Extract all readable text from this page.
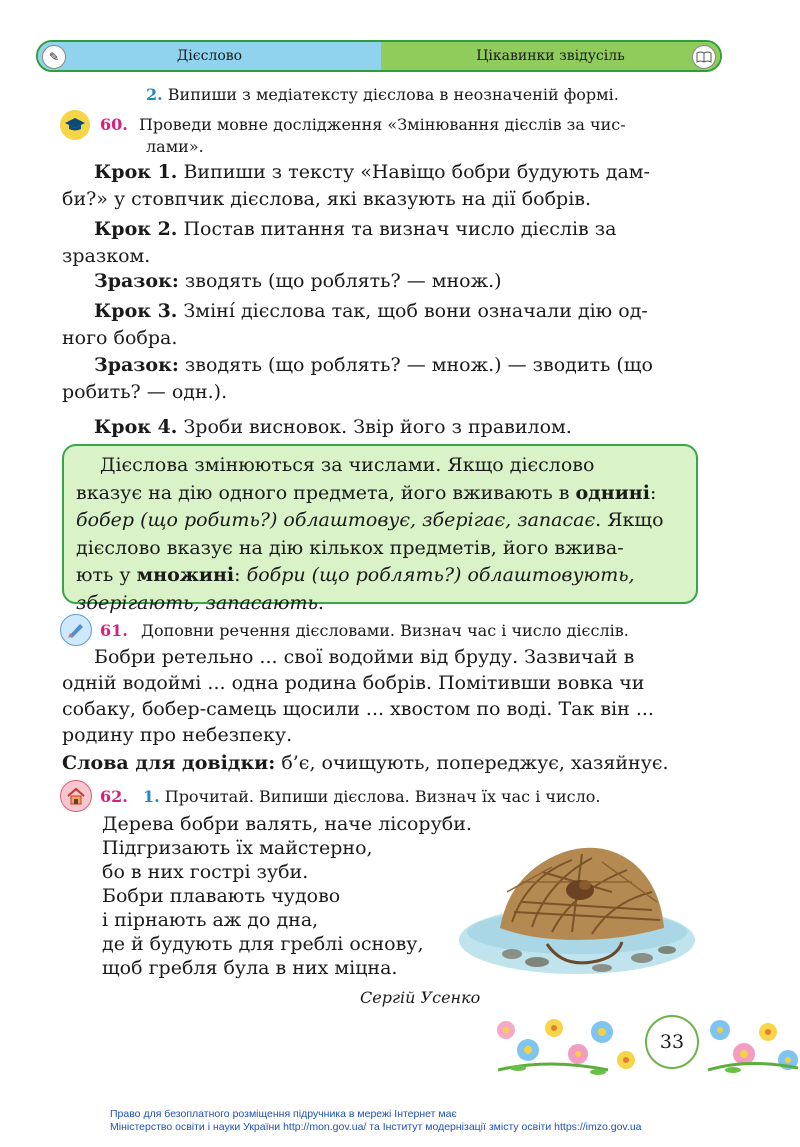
✎	Дієслово	Цікавинки звідусіль
2. Випиши з медіатексту дієслова в неозначеній формі.
60. Проведи мовне дослідження «Змінювання дієслів за чис-
лами».
Крок 1. Випиши з тексту «Навіщо бобри будують дам-
би?» у стовпчик дієслова, які вказують на дії бобрів.
Крок 2. Постав питання та визнач число дієслів за
зразком.
Зразок: зводять (що роблять? — множ.)
Крок 3. Змiнí дієслова так, щоб вони означали дію од-
ного бобра.
Зразок: зводять (що роблять? — множ.) — зводить (що
робить? — одн.).
Крок 4. Зроби висновок. Звір його з правилом.
Дієслова змінюються за числами. Якщо дієслово
вказує на дію одного предмета, його вживають в однині:
бобер (що робить?) облаштовує, зберігає, запасає. Якщо
дієслово вказує на дію кількох предметів, його вжива-
ють у множині: бобри (що роблять?) облаштовують,
зберігають, запасають.
61. Доповни речення дієсловами. Визнач час і число дієслів.
Бобри ретельно ... свої водойми від бруду. Зазвичай в
одній водоймі ... одна родина бобрів. Помітивши вовка чи
собаку, бобер-самець щосили ... хвостом по воді. Так він ...
родину про небезпеку.
Слова для довідки: б’є, очищують, попереджує, хазяйнує.
62. 1. Прочитай. Випиши дієслова. Визнач їх час і число.
Дерева бобри валять, наче лісоруби.
Підгризають їх майстерно,
бо в них гострі зуби.
Бобри плавають чудово
і пірнають аж до дна,
де й будують для греблі основу,
щоб гребля була в них міцна.
Сергій Усенко
33
Право для безоплатного розміщення підручника в мережі Інтернет має
Міністерство освіти і науки України http://mon.gov.ua/ та Інститут модернізації змісту освіти https://imzo.gov.ua
